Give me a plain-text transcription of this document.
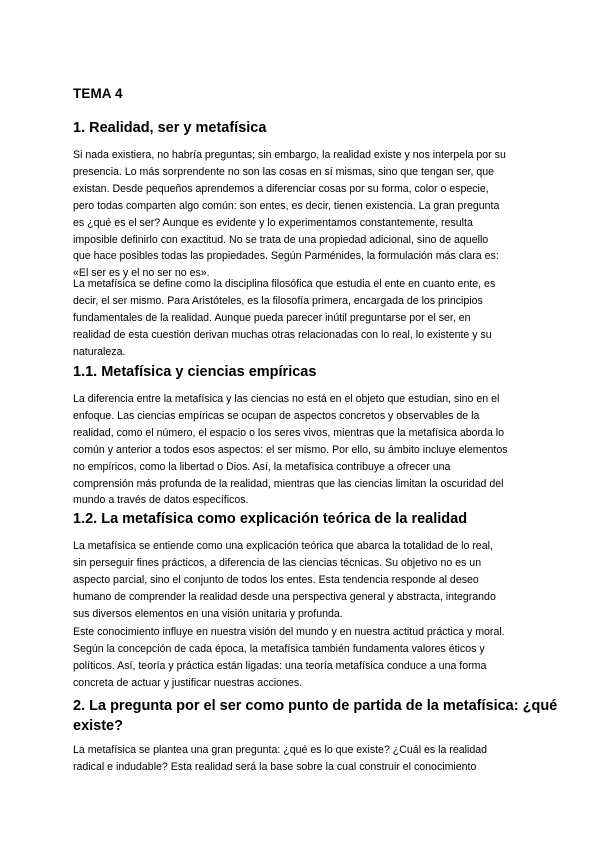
TEMA 4
1. Realidad, ser y metafísica

Si nada existiera, no habría preguntas; sin embargo, la realidad existe y nos interpela por su
presencia. Lo más sorprendente no son las cosas en sí mismas, sino que tengan ser, que
existan. Desde pequeños aprendemos a diferenciar cosas por su forma, color o especie,
pero todas comparten algo común: son entes, es decir, tienen existencia. La gran pregunta
es ¿qué es el ser? Aunque es evidente y lo experimentamos constantemente, resulta
imposible definirlo con exactitud. No se trata de una propiedad adicional, sino de aquello
que hace posibles todas las propiedades. Según Parménides, la formulación más clara es:
«El ser es y el no ser no es».

La metafísica se define como la disciplina filosófica que estudia el ente en cuanto ente, es
decir, el ser mismo. Para Aristóteles, es la filosofía primera, encargada de los principios
fundamentales de la realidad. Aunque pueda parecer inútil preguntarse por el ser, en
realidad de esta cuestión derivan muchas otras relacionadas con lo real, lo existente y su
naturaleza.

1.1. Metafísica y ciencias empíricas

La diferencia entre la metafísica y las ciencias no está en el objeto que estudian, sino en el
enfoque. Las ciencias empíricas se ocupan de aspectos concretos y observables de la
realidad, como el número, el espacio o los seres vivos, mientras que la metafísica aborda lo
común y anterior a todos esos aspectos: el ser mismo. Por ello, su ámbito incluye elementos
no empíricos, como la libertad o Dios. Así, la metafísica contribuye a ofrecer una
comprensión más profunda de la realidad, mientras que las ciencias limitan la oscuridad del
mundo a través de datos específicos.

1.2. La metafísica como explicación teórica de la realidad

La metafísica se entiende como una explicación teórica que abarca la totalidad de lo real,
sin perseguir fines prácticos, a diferencia de las ciencias técnicas. Su objetivo no es un
aspecto parcial, sino el conjunto de todos los entes. Esta tendencia responde al deseo
humano de comprender la realidad desde una perspectiva general y abstracta, integrando
sus diversos elementos en una visión unitaria y profunda.

Este conocimiento influye en nuestra visión del mundo y en nuestra actitud práctica y moral.
Según la concepción de cada época, la metafísica también fundamenta valores éticos y
políticos. Así, teoría y práctica están ligadas: una teoría metafísica conduce a una forma
concreta de actuar y justificar nuestras acciones.

2. La pregunta por el ser como punto de partida de la metafísica: ¿qué
existe?

La metafísica se plantea una gran pregunta: ¿qué es lo que existe? ¿Cuál es la realidad
radical e indudable? Esta realidad será la base sobre la cual construir el conocimiento
